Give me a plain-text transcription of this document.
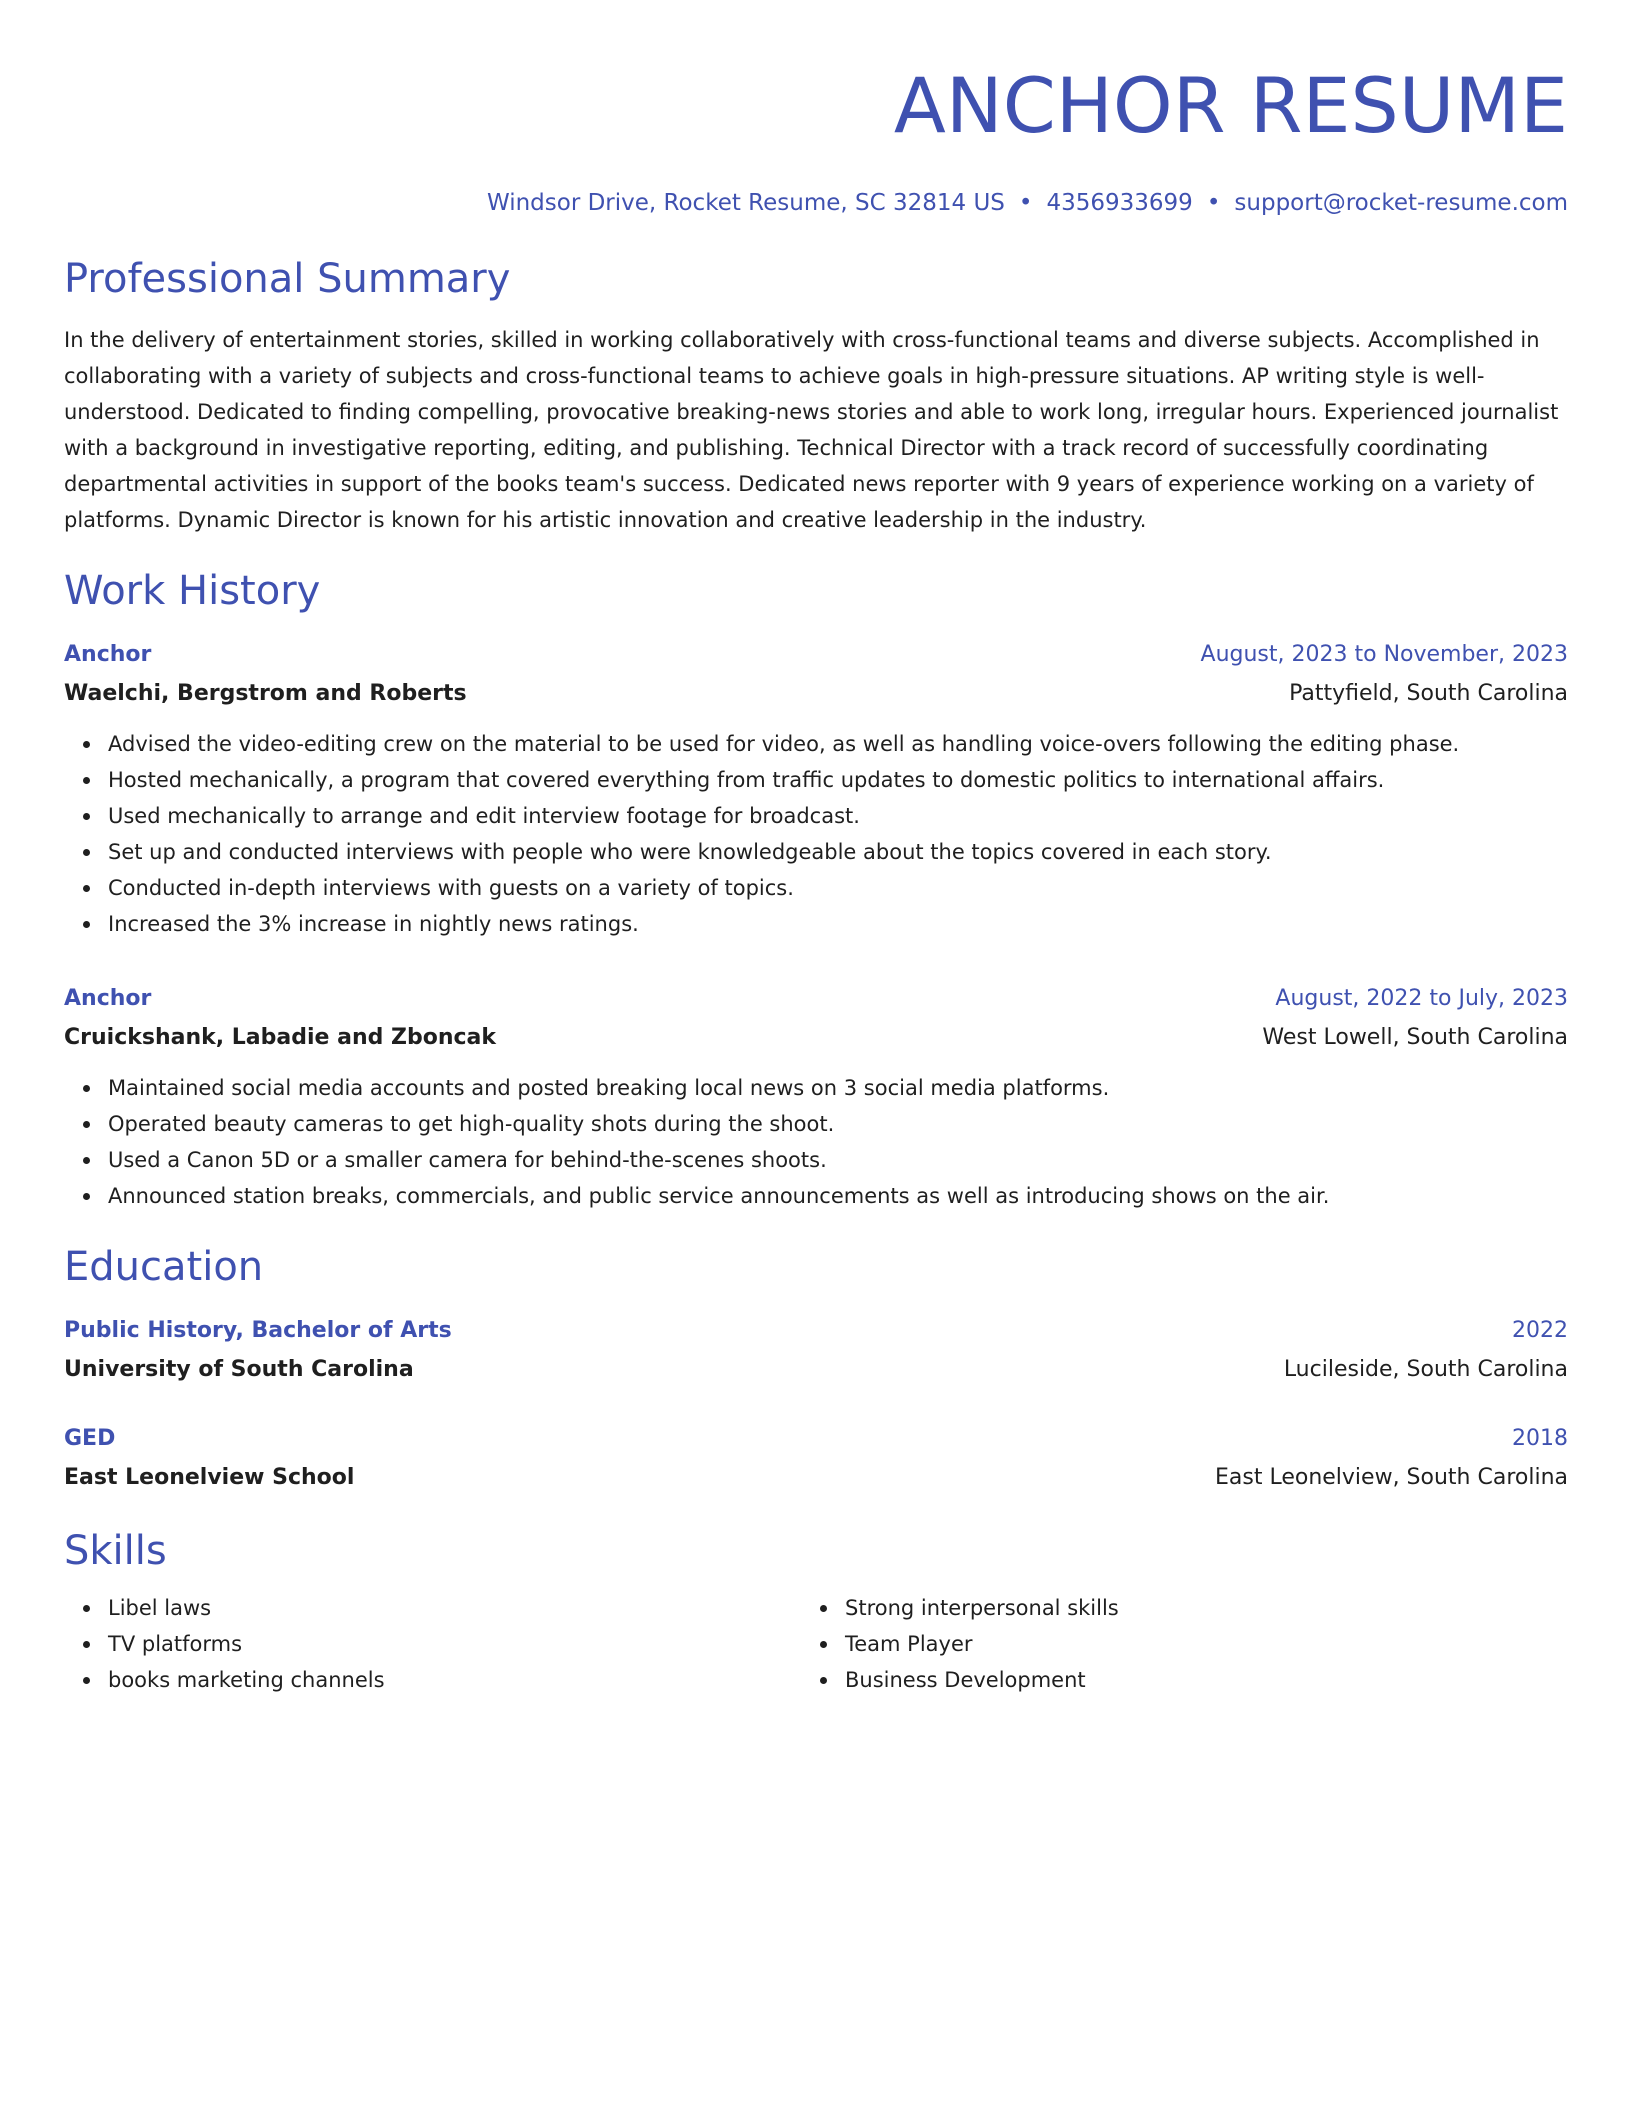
ANCHOR RESUME
Windsor Drive, Rocket Resume, SC 32814 US • 4356933699 • support@rocket-resume.com
Professional Summary
In the delivery of entertainment stories, skilled in working collaboratively with cross-functional teams and diverse subjects. Accomplished in collaborating with a variety of subjects and cross-functional teams to achieve goals in high-pressure situations. AP writing style is well-understood. Dedicated to finding compelling, provocative breaking-news stories and able to work long, irregular hours. Experienced journalist with a background in investigative reporting, editing, and publishing. Technical Director with a track record of successfully coordinating departmental activities in support of the books team's success. Dedicated news reporter with 9 years of experience working on a variety of platforms. Dynamic Director is known for his artistic innovation and creative leadership in the industry.
Work History
Anchor	August, 2023 to November, 2023
Waelchi, Bergstrom and Roberts	Pattyfield, South Carolina
Advised the video-editing crew on the material to be used for video, as well as handling voice-overs following the editing phase.
Hosted mechanically, a program that covered everything from traffic updates to domestic politics to international affairs.
Used mechanically to arrange and edit interview footage for broadcast.
Set up and conducted interviews with people who were knowledgeable about the topics covered in each story.
Conducted in-depth interviews with guests on a variety of topics.
Increased the 3% increase in nightly news ratings.
Anchor	August, 2022 to July, 2023
Cruickshank, Labadie and Zboncak	West Lowell, South Carolina
Maintained social media accounts and posted breaking local news on 3 social media platforms.
Operated beauty cameras to get high-quality shots during the shoot.
Used a Canon 5D or a smaller camera for behind-the-scenes shoots.
Announced station breaks, commercials, and public service announcements as well as introducing shows on the air.
Education
Public History, Bachelor of Arts	2022
University of South Carolina	Lucileside, South Carolina
GED	2018
East Leonelview School	East Leonelview, South Carolina
Skills
Libel laws
TV platforms
books marketing channels
Strong interpersonal skills
Team Player
Business Development
